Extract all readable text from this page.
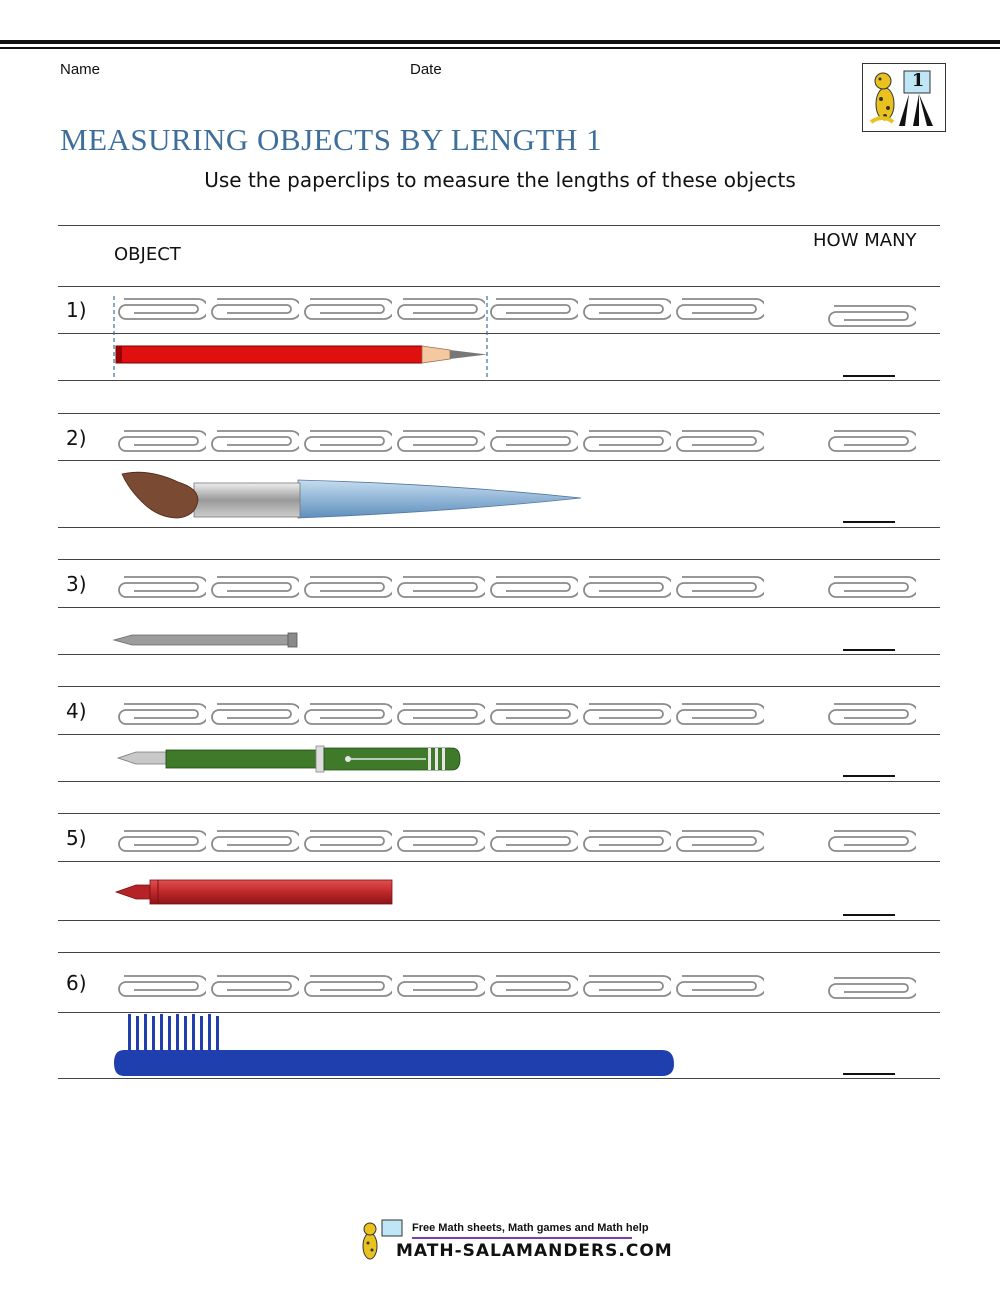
Name	Date
1
MEASURING OBJECTS BY LENGTH 1
Use the paperclips to measure the lengths of these objects
OBJECT
HOW MANY
1)
2)
3)
4)
5)
6)
Free Math sheets, Math games and Math help
MATH-SALAMANDERS.COM
